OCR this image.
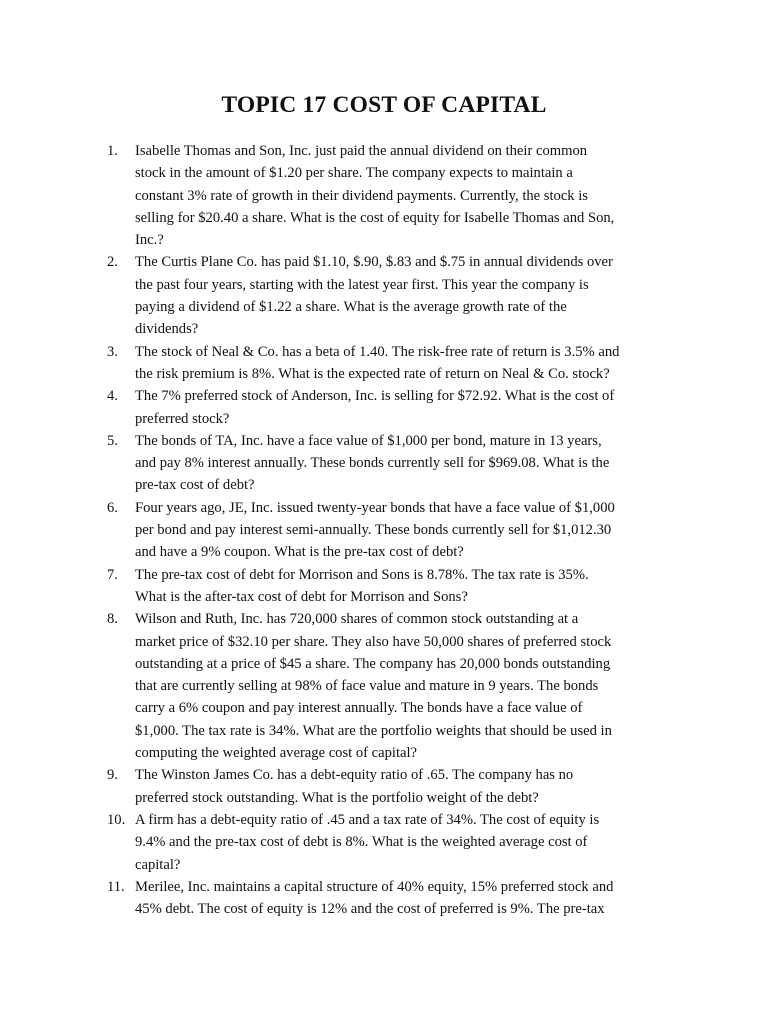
TOPIC 17 COST OF CAPITAL
1. Isabelle Thomas and Son, Inc. just paid the annual dividend on their common
stock in the amount of $1.20 per share. The company expects to maintain a
constant 3% rate of growth in their dividend payments. Currently, the stock is
selling for $20.40 a share. What is the cost of equity for Isabelle Thomas and Son,
Inc.?
2. The Curtis Plane Co. has paid $1.10, $.90, $.83 and $.75 in annual dividends over
the past four years, starting with the latest year first. This year the company is
paying a dividend of $1.22 a share. What is the average growth rate of the
dividends?
3. The stock of Neal & Co. has a beta of 1.40. The risk-free rate of return is 3.5% and
the risk premium is 8%. What is the expected rate of return on Neal & Co. stock?
4. The 7% preferred stock of Anderson, Inc. is selling for $72.92. What is the cost of
preferred stock?
5. The bonds of TA, Inc. have a face value of $1,000 per bond, mature in 13 years,
and pay 8% interest annually. These bonds currently sell for $969.08. What is the
pre-tax cost of debt?
6. Four years ago, JE, Inc. issued twenty-year bonds that have a face value of $1,000
per bond and pay interest semi-annually. These bonds currently sell for $1,012.30
and have a 9% coupon. What is the pre-tax cost of debt?
7. The pre-tax cost of debt for Morrison and Sons is 8.78%. The tax rate is 35%.
What is the after-tax cost of debt for Morrison and Sons?
8. Wilson and Ruth, Inc. has 720,000 shares of common stock outstanding at a
market price of $32.10 per share. They also have 50,000 shares of preferred stock
outstanding at a price of $45 a share. The company has 20,000 bonds outstanding
that are currently selling at 98% of face value and mature in 9 years. The bonds
carry a 6% coupon and pay interest annually. The bonds have a face value of
$1,000. The tax rate is 34%. What are the portfolio weights that should be used in
computing the weighted average cost of capital?
9. The Winston James Co. has a debt-equity ratio of .65. The company has no
preferred stock outstanding. What is the portfolio weight of the debt?
10. A firm has a debt-equity ratio of .45 and a tax rate of 34%. The cost of equity is
9.4% and the pre-tax cost of debt is 8%. What is the weighted average cost of
capital?
11. Merilee, Inc. maintains a capital structure of 40% equity, 15% preferred stock and
45% debt. The cost of equity is 12% and the cost of preferred is 9%. The pre-tax
